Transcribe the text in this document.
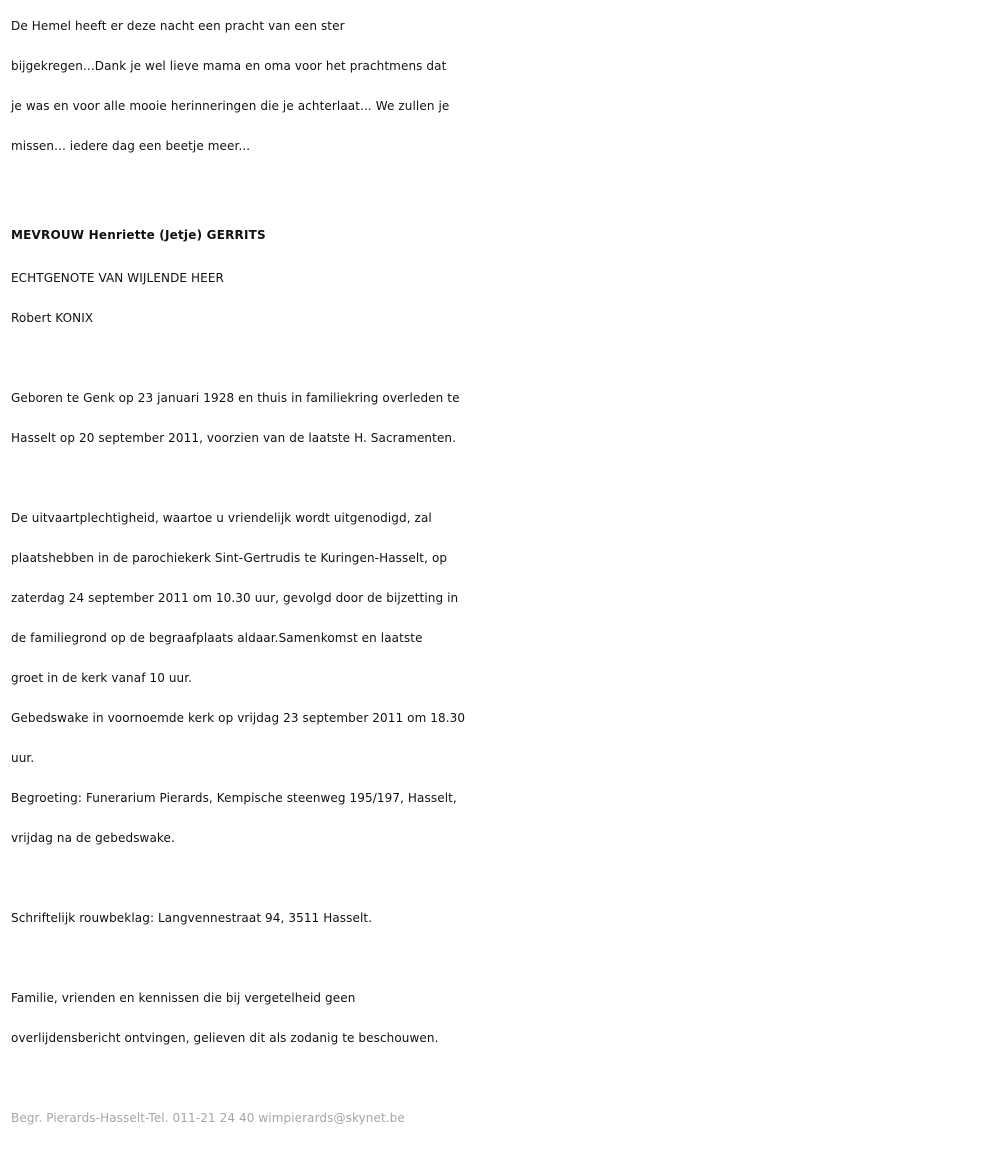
De Hemel heeft er deze nacht een pracht van een ster

bijgekregen...Dank je wel lieve mama en oma voor het prachtmens dat

je was en voor alle mooie herinneringen die je achterlaat... We zullen je

missen... iedere dag een beetje meer...

MEVROUW Henriette (Jetje) GERRITS

ECHTGENOTE VAN WIJLENDE HEER

Robert KONIX

Geboren te Genk op 23 januari 1928 en thuis in familiekring overleden te

Hasselt op 20 september 2011, voorzien van de laatste H. Sacramenten.

De uitvaartplechtigheid, waartoe u vriendelijk wordt uitgenodigd, zal

plaatshebben in de parochiekerk Sint-Gertrudis te Kuringen-Hasselt, op

zaterdag 24 september 2011 om 10.30 uur, gevolgd door de bijzetting in

de familiegrond op de begraafplaats aldaar.Samenkomst en laatste

groet in de kerk vanaf 10 uur.

Gebedswake in voornoemde kerk op vrijdag 23 september 2011 om 18.30

uur.

Begroeting: Funerarium Pierards, Kempische steenweg 195/197, Hasselt,

vrijdag na de gebedswake.

Schriftelijk rouwbeklag: Langvennestraat 94, 3511 Hasselt.

Familie, vrienden en kennissen die bij vergetelheid geen

overlijdensbericht ontvingen, gelieven dit als zodanig te beschouwen.

Begr. Pierards-Hasselt-Tel. 011-21 24 40 wimpierards@skynet.be
